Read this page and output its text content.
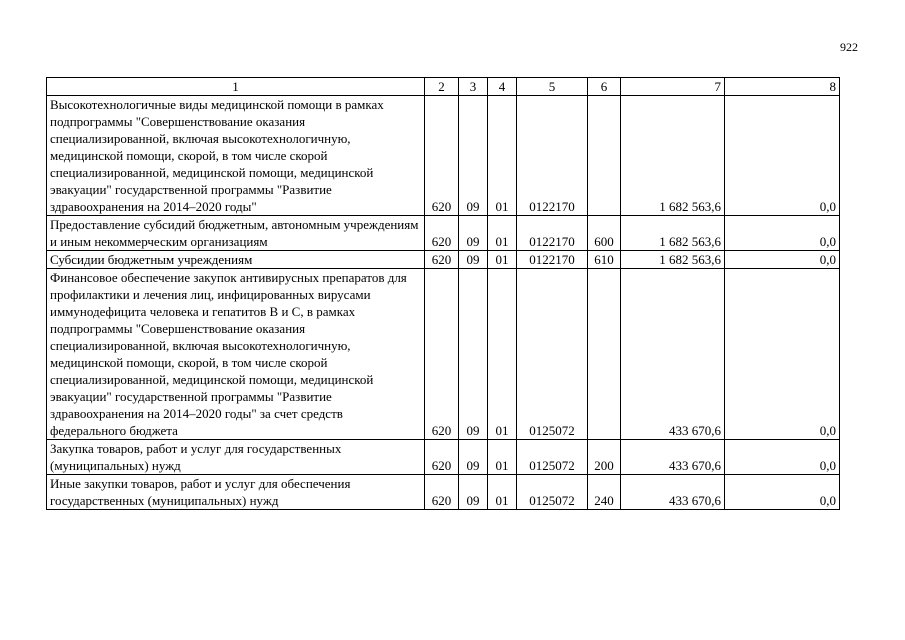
922
1	2	3	4	5	6	7	8
Высокотехнологичные виды медицинской помощи в рамках подпрограммы "Совершенствование оказания специализированной, включая высокотехнологичную, медицинской помощи, скорой, в том числе скорой специализированной, медицинской помощи, медицинской эвакуации" государственной программы "Развитие здравоохранения на 2014–2020 годы"	620	09	01	0122170		1 682 563,6	0,0
Предоставление субсидий бюджетным, автономным учреждениям и иным некоммерческим организациям	620	09	01	0122170	600	1 682 563,6	0,0
Субсидии бюджетным учреждениям	620	09	01	0122170	610	1 682 563,6	0,0
Финансовое обеспечение закупок антивирусных препаратов для профилактики и лечения лиц, инфицированных вирусами иммунодефицита человека и гепатитов В и С, в рамках подпрограммы "Совершенствование оказания специализированной, включая высокотехнологичную, медицинской помощи, скорой, в том числе скорой специализированной, медицинской помощи, медицинской эвакуации" государственной программы "Развитие здравоохранения на 2014–2020 годы" за счет средств федерального бюджета	620	09	01	0125072		433 670,6	0,0
Закупка товаров, работ и услуг для государственных (муниципальных) нужд	620	09	01	0125072	200	433 670,6	0,0
Иные закупки товаров, работ и услуг для обеспечения государственных (муниципальных) нужд	620	09	01	0125072	240	433 670,6	0,0
